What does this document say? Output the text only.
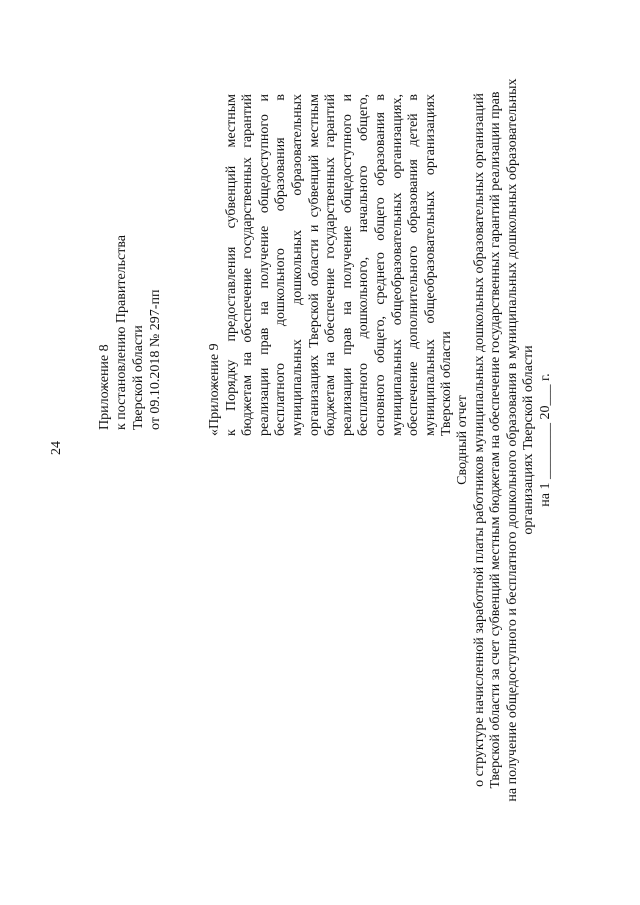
24
Приложение 8 к постановлению Правительства Тверской области от 09.10.2018 № 297-пп	«Приложение 9 к Порядку предоставления субвенций местным бюджетам на обеспечение государственных гарантий реализации прав на получение общедоступного и бесплатного дошкольного образования в муниципальных дошкольных образовательных организациях Тверской области и субвенций местным бюджетам на обеспечение государственных гарантий реализации прав на получение общедоступного и бесплатного дошкольного, начального общего, основного общего, среднего общего образования в муниципальных общеобразовательных организациях, обеспечение дополнительного образования детей в муниципальных общеобразовательных организациях Тверской области
Сводный отчет о структуре начисленной заработной платы работников муниципальных дошкольных образовательных организаций Тверской области за счет субвенций местным бюджетам на обеспечение государственных гарантий реализации прав на получение общедоступного и бесплатного дошкольного образования в муниципальных дошкольных образовательных организациях Тверской области на 1 ________ 20___ г.
